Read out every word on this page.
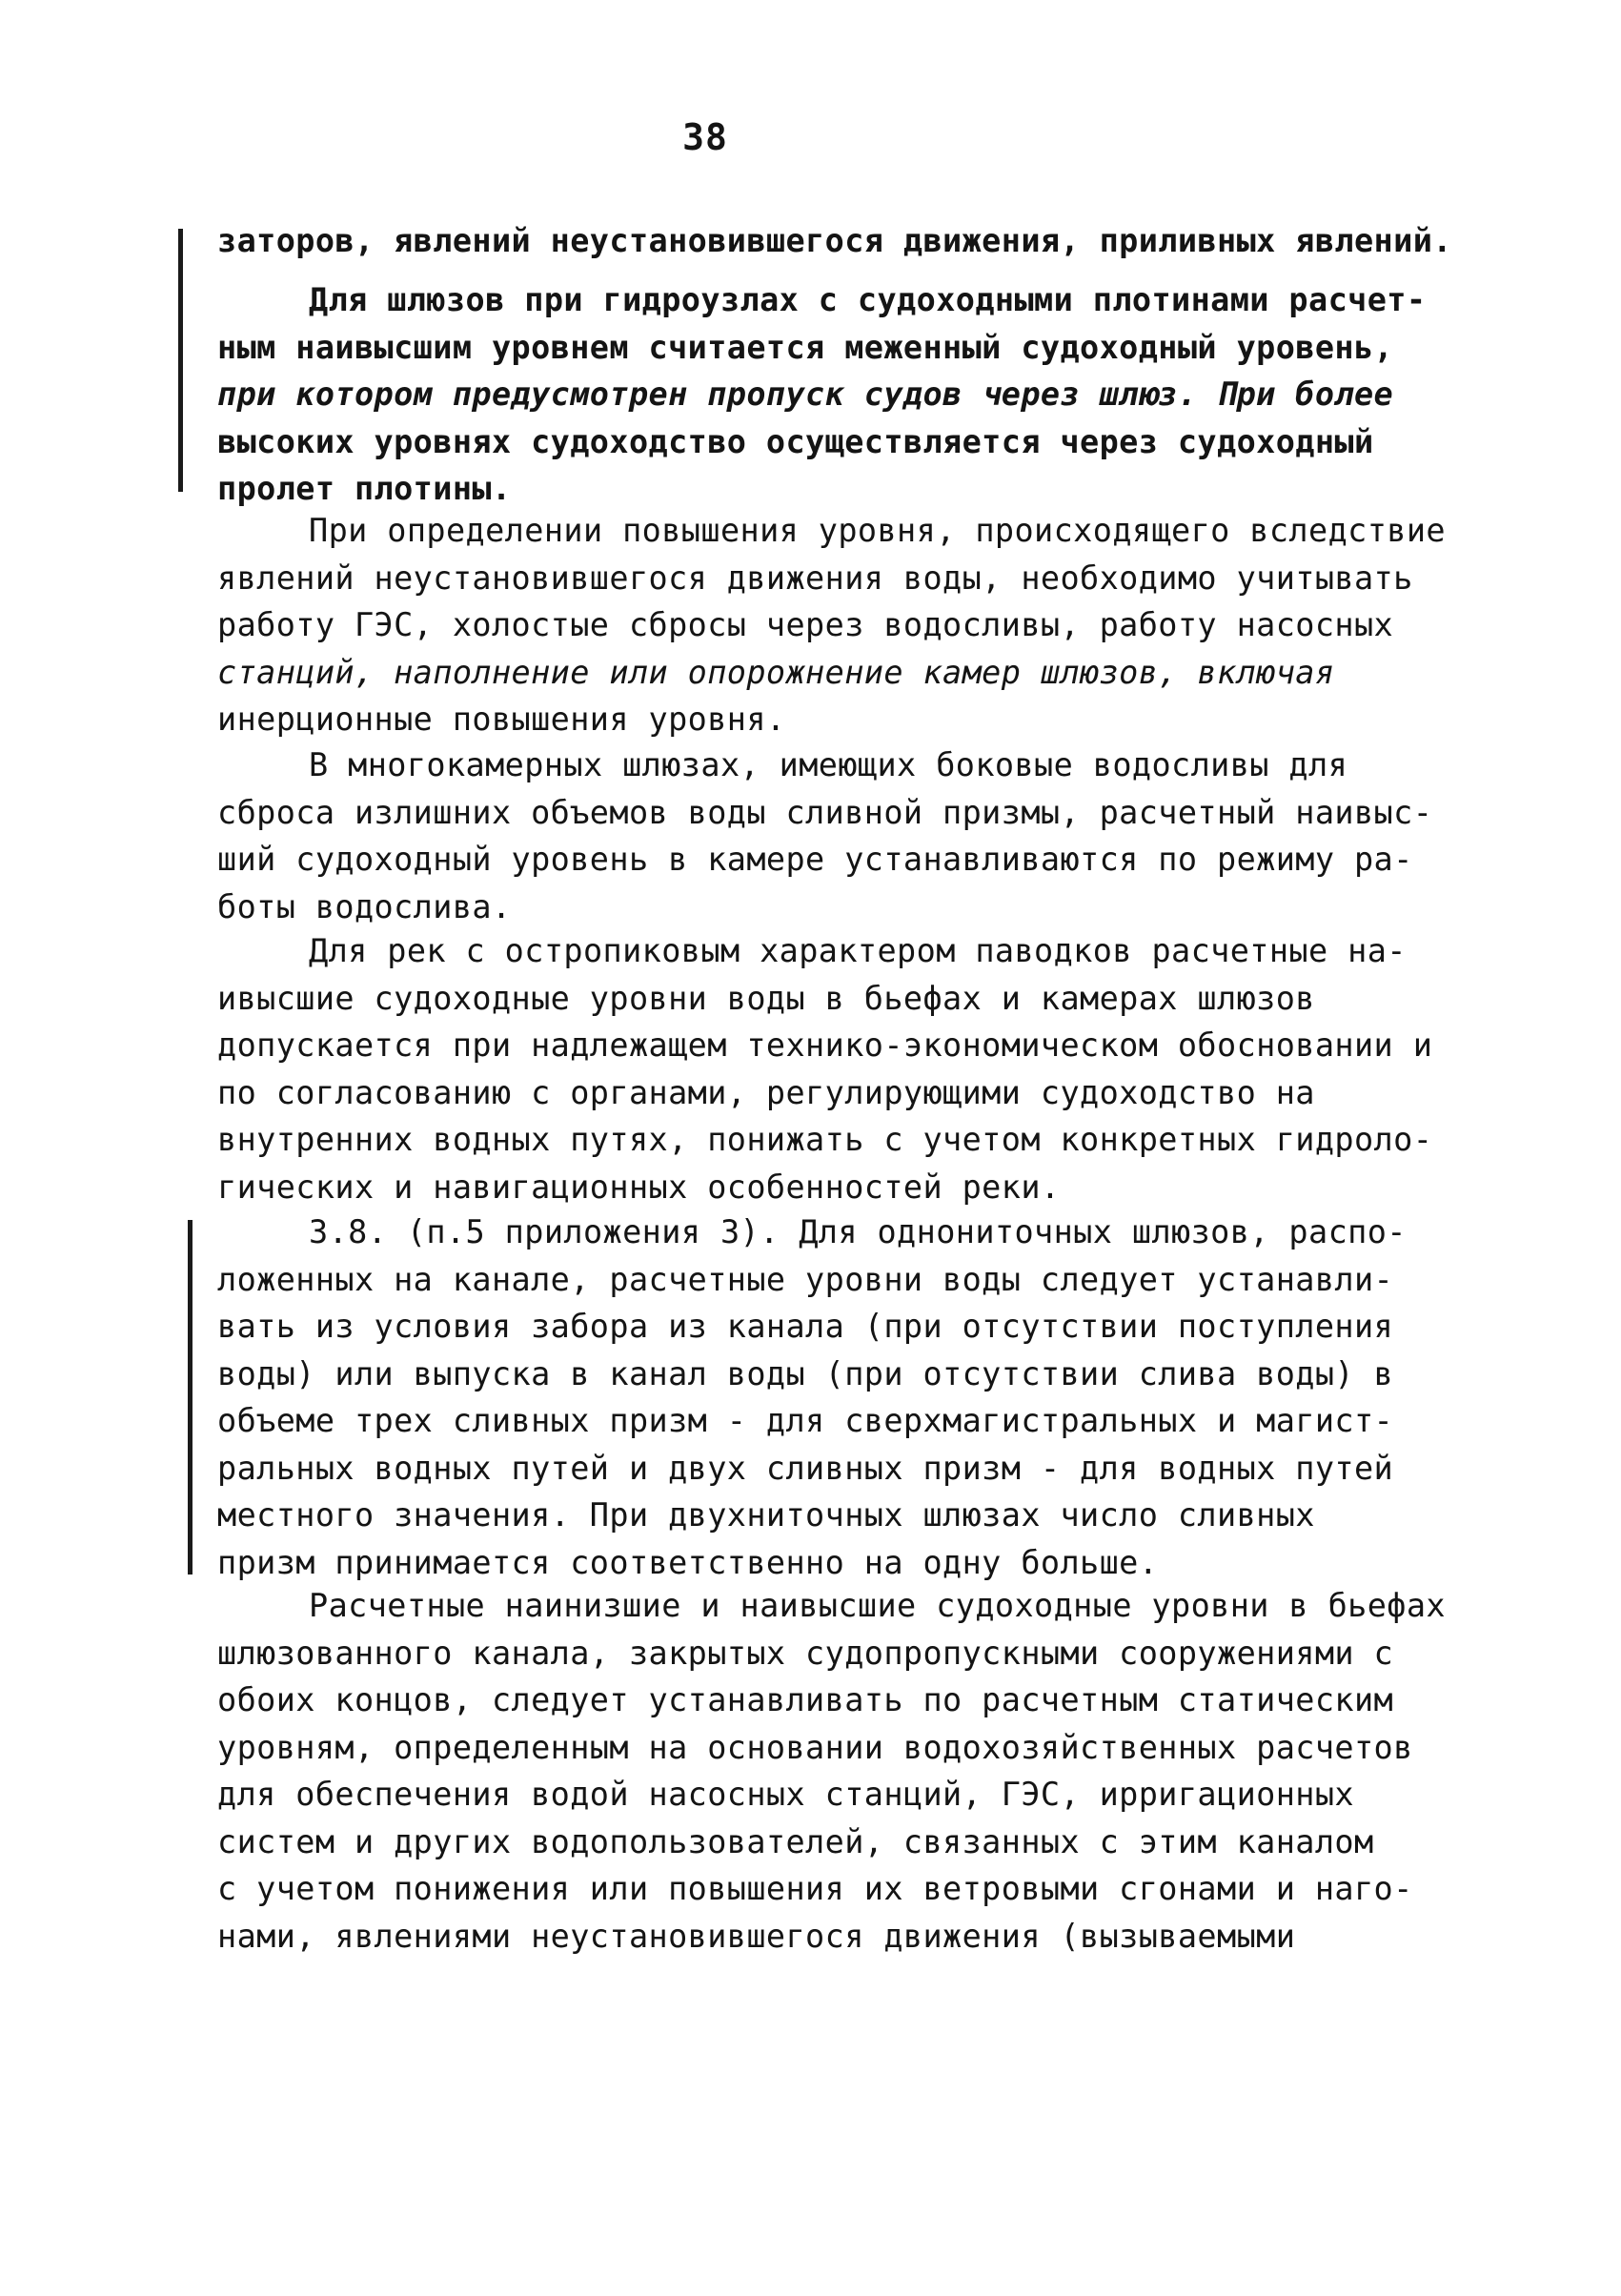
38
заторов, явлений неустановившегося движения, приливных явлений.
Для шлюзов при гидроузлах с судоходными плотинами расчет-
ным наивысшим уровнем считается меженный судоходный уровень,
при котором предусмотрен пропуск судов через шлюз. При более
высоких уровнях судоходство осуществляется через судоходный
пролет плотины.
При определении повышения уровня, происходящего вследствие
явлений неустановившегося движения воды, необходимо учитывать
работу ГЭС, холостые сбросы через водосливы, работу насосных
станций, наполнение или опорожнение камер шлюзов, включая
инерционные повышения уровня.
В многокамерных шлюзах, имеющих боковые водосливы для
сброса излишних объемов воды сливной призмы, расчетный наивыс-
ший судоходный уровень в камере устанавливаются по режиму ра-
боты водослива.
Для рек с остропиковым характером паводков расчетные на-
ивысшие судоходные уровни воды в бьефах и камерах шлюзов
допускается при надлежащем технико-экономическом обосновании и
по согласованию с органами, регулирующими судоходство на
внутренних водных путях, понижать с учетом конкретных гидроло-
гических и навигационных особенностей реки.
3.8. (п.5 приложения 3). Для однониточных шлюзов, распо-
ложенных на канале, расчетные уровни воды следует устанавли-
вать из условия забора из канала (при отсутствии поступления
воды) или выпуска в канал воды (при отсутствии слива воды) в
объеме трех сливных призм - для сверхмагистральных и магист-
ральных водных путей и двух сливных призм - для водных путей
местного значения. При двухниточных шлюзах число сливных
призм принимается соответственно на одну больше.
Расчетные наинизшие и наивысшие судоходные уровни в бьефах
шлюзованного канала, закрытых судопропускными сооружениями с
обоих концов, следует устанавливать по расчетным статическим
уровням, определенным на основании водохозяйственных расчетов
для обеспечения водой насосных станций, ГЭС, ирригационных
систем и других водопользователей, связанных с этим каналом
с учетом понижения или повышения их ветровыми сгонами и наго-
нами, явлениями неустановившегося движения (вызываемыми
